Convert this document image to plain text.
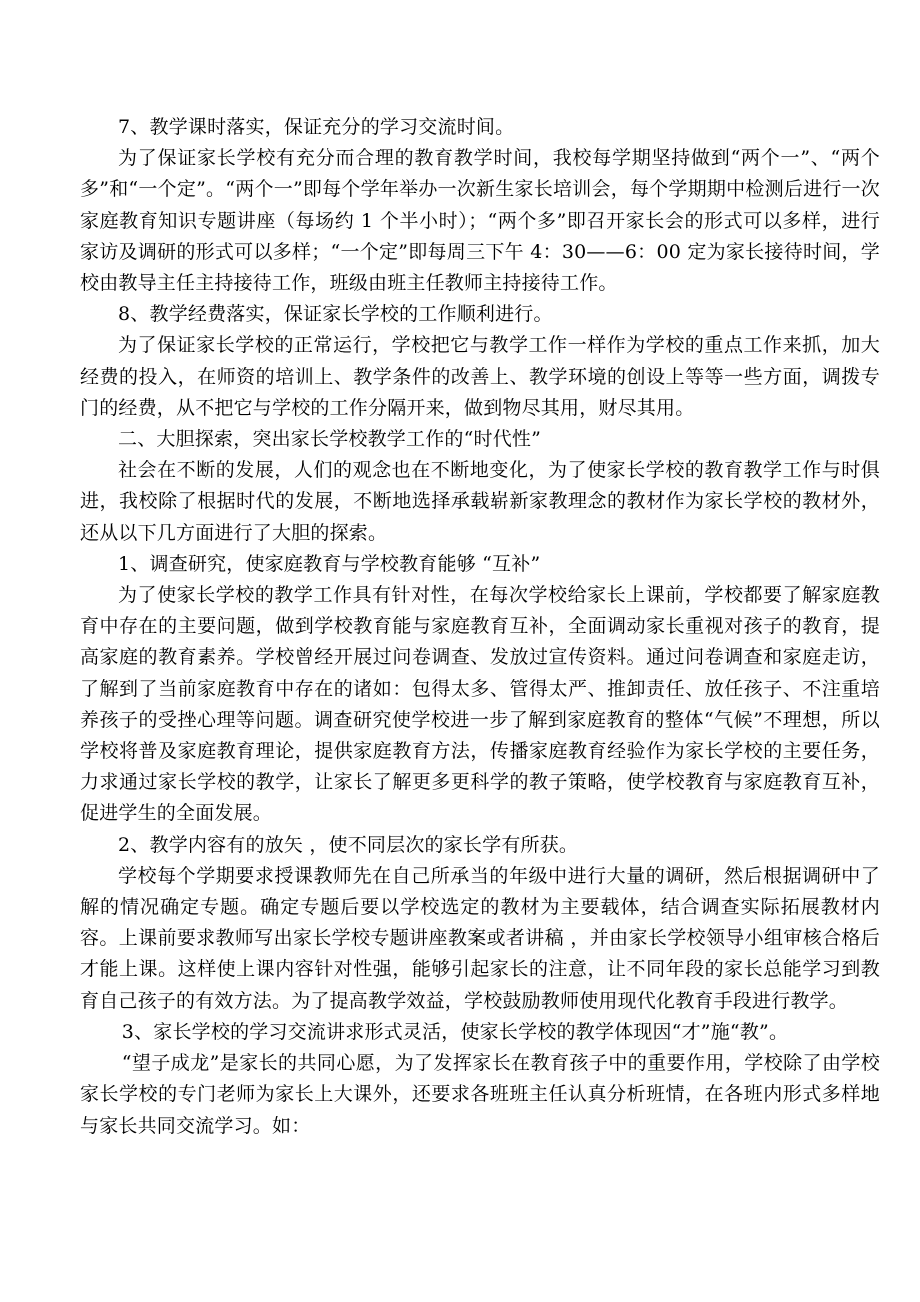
7、教学课时落实，保证充分的学习交流时间。

为了保证家长学校有充分而合理的教育教学时间，我校每学期坚持做到“两个一”、“两个多”和“一个定”。“两个一”即每个学年举办一次新生家长培训会，每个学期期中检测后进行一次家庭教育知识专题讲座（每场约 1 个半小时）；“两个多”即召开家长会的形式可以多样，进行家访及调研的形式可以多样；“一个定”即每周三下午 4：30——6：00 定为家长接待时间，学校由教导主任主持接待工作，班级由班主任教师主持接待工作。

8、教学经费落实，保证家长学校的工作顺利进行。

为了保证家长学校的正常运行，学校把它与教学工作一样作为学校的重点工作来抓，加大经费的投入，在师资的培训上、教学条件的改善上、教学环境的创设上等等一些方面，调拨专门的经费，从不把它与学校的工作分隔开来，做到物尽其用，财尽其用。

二、大胆探索，突出家长学校教学工作的“时代性”

社会在不断的发展，人们的观念也在不断地变化，为了使家长学校的教育教学工作与时俱进，我校除了根据时代的发展，不断地选择承载崭新家教理念的教材作为家长学校的教材外，还从以下几方面进行了大胆的探索。

1、调查研究，使家庭教育与学校教育能够 “互补”

为了使家长学校的教学工作具有针对性，在每次学校给家长上课前，学校都要了解家庭教育中存在的主要问题，做到学校教育能与家庭教育互补，全面调动家长重视对孩子的教育，提高家庭的教育素养。学校曾经开展过问卷调查、发放过宣传资料。通过问卷调查和家庭走访，了解到了当前家庭教育中存在的诸如：包得太多、管得太严、推卸责任、放任孩子、不注重培养孩子的受挫心理等问题。调查研究使学校进一步了解到家庭教育的整体“气候”不理想，所以学校将普及家庭教育理论，提供家庭教育方法，传播家庭教育经验作为家长学校的主要任务，力求通过家长学校的教学，让家长了解更多更科学的教子策略，使学校教育与家庭教育互补，促进学生的全面发展。

2、教学内容有的放矢 ，使不同层次的家长学有所获。

学校每个学期要求授课教师先在自己所承当的年级中进行大量的调研，然后根据调研中了解的情况确定专题。确定专题后要以学校选定的教材为主要载体，结合调查实际拓展教材内容。上课前要求教师写出家长学校专题讲座教案或者讲稿 ，并由家长学校领导小组审核合格后才能上课。这样使上课内容针对性强，能够引起家长的注意，让不同年段的家长总能学习到教育自己孩子的有效方法。为了提高教学效益，学校鼓励教师使用现代化教育手段进行教学。

3、家长学校的学习交流讲求形式灵活，使家长学校的教学体现因“才”施“教”。

“望子成龙”是家长的共同心愿，为了发挥家长在教育孩子中的重要作用，学校除了由学校家长学校的专门老师为家长上大课外，还要求各班班主任认真分析班情，在各班内形式多样地与家长共同交流学习。如：
